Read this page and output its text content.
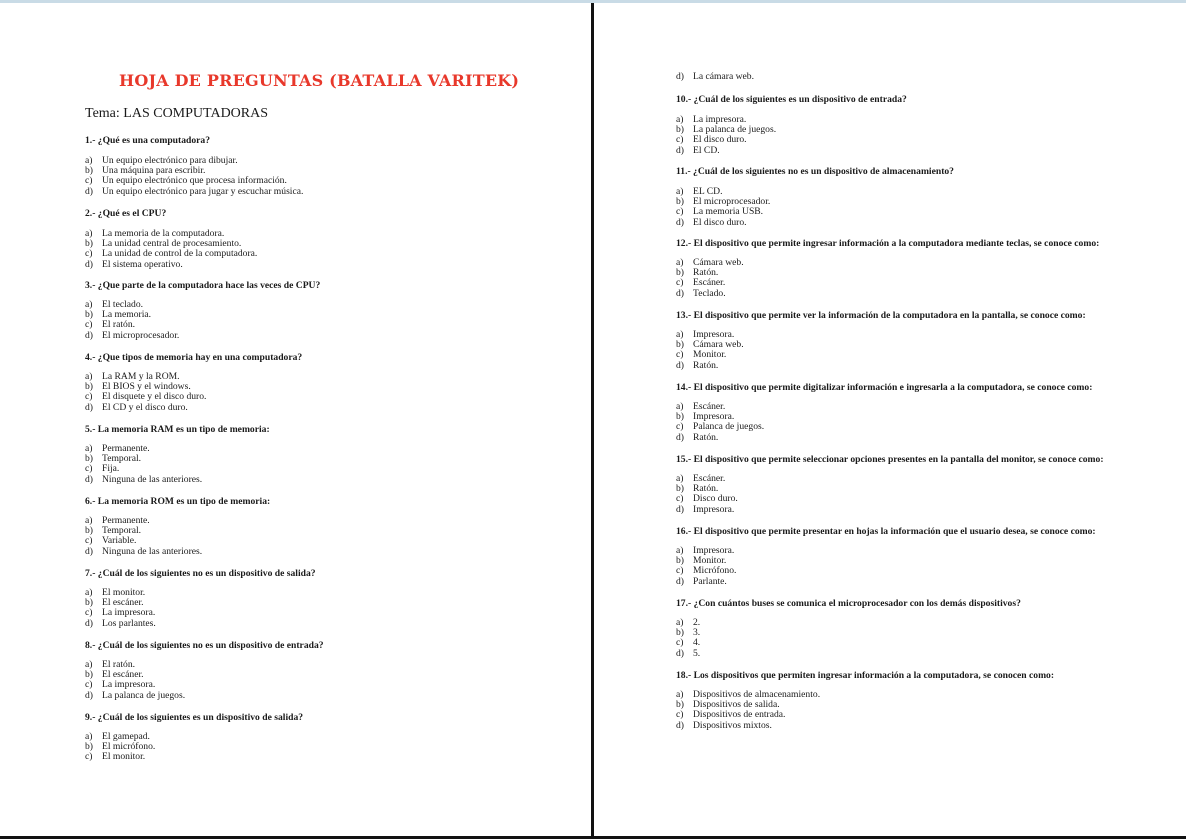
HOJA DE PREGUNTAS (BATALLA VARITEK)
Tema: LAS COMPUTADORAS
1.- ¿Qué es una computadora?
a) Un equipo electrónico para dibujar.
b) Una máquina para escribir.
c) Un equipo electrónico que procesa información.
d) Un equipo electrónico para jugar y escuchar música.
2.- ¿Qué es el CPU?
a) La memoria de la computadora.
b) La unidad central de procesamiento.
c) La unidad de control de la computadora.
d) El sistema operativo.
3.- ¿Que parte de la computadora hace las veces de CPU?
a) El teclado.
b) La memoria.
c) El ratón.
d) El microprocesador.
4.- ¿Que tipos de memoria hay en una computadora?
a) La RAM y la ROM.
b) El BIOS y el windows.
c) El disquete y el disco duro.
d) El CD y el disco duro.
5.- La memoria RAM es un tipo de memoria:
a) Permanente.
b) Temporal.
c) Fija.
d) Ninguna de las anteriores.
6.- La memoria ROM es un tipo de memoria:
a) Permanente.
b) Temporal.
c) Variable.
d) Ninguna de las anteriores.
7.- ¿Cuál de los siguientes no es un dispositivo de salida?
a) El monitor.
b) El escáner.
c) La impresora.
d) Los parlantes.
8.- ¿Cuál de los siguientes no es un dispositivo de entrada?
a) El ratón.
b) El escáner.
c) La impresora.
d) La palanca de juegos.
9.- ¿Cuál de los siguientes es un dispositivo de salida?
a) El gamepad.
b) El micrófono.
c) El monitor.
d) La cámara web.
10.- ¿Cuál de los siguientes es un dispositivo de entrada?
a) La impresora.
b) La palanca de juegos.
c) El disco duro.
d) El CD.
11.- ¿Cuál de los siguientes no es un dispositivo de almacenamiento?
a) EL CD.
b) El microprocesador.
c) La memoria USB.
d) El disco duro.
12.- El dispositivo que permite ingresar información a la computadora mediante teclas, se conoce como:
a) Cámara web.
b) Ratón.
c) Escáner.
d) Teclado.
13.- El dispositivo que permite ver la información de la computadora en la pantalla, se conoce como:
a) Impresora.
b) Cámara web.
c) Monitor.
d) Ratón.
14.- El dispositivo que permite digitalizar información e ingresarla a la computadora, se conoce como:
a) Escáner.
b) Impresora.
c) Palanca de juegos.
d) Ratón.
15.- El dispositivo que permite seleccionar opciones presentes en la pantalla del monitor, se conoce como:
a) Escáner.
b) Ratón.
c) Disco duro.
d) Impresora.
16.- El dispositivo que permite presentar en hojas la información que el usuario desea, se conoce como:
a) Impresora.
b) Monitor.
c) Micrófono.
d) Parlante.
17.- ¿Con cuántos buses se comunica el microprocesador con los demás dispositivos?
a) 2.
b) 3.
c) 4.
d) 5.
18.- Los dispositivos que permiten ingresar información a la computadora, se conocen como:
a) Dispositivos de almacenamiento.
b) Dispositivos de salida.
c) Dispositivos de entrada.
d) Dispositivos mixtos.
